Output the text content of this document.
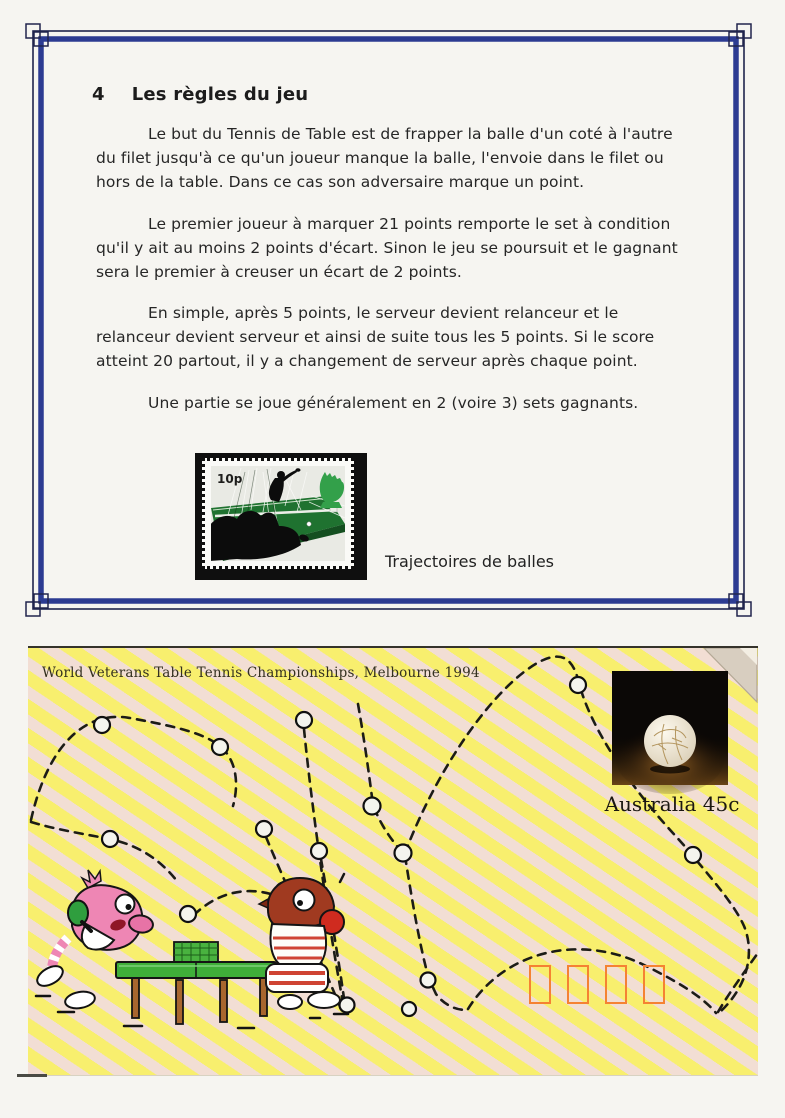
4 Les règles du jeu

Le but du Tennis de Table est de frapper la balle d'un coté à l'autre du filet jusqu'à ce qu'un joueur manque la balle, l'envoie dans le filet ou hors de la table. Dans ce cas son adversaire marque un point.

Le premier joueur à marquer 21 points remporte le set à condition qu'il y ait au moins 2 points d'écart. Sinon le jeu se poursuit et le gagnant sera le premier à creuser un écart de 2 points.

En simple, après 5 points, le serveur devient relanceur et le relanceur devient serveur et ainsi de suite tous les 5 points. Si le score atteint 20 partout, il y a changement de serveur après chaque point.

Une partie se joue généralement en 2 (voire 3) sets gagnants.

10p
Trajectoires de balles
World Veterans Table Tennis Championships, Melbourne 1994
Australia 45c
